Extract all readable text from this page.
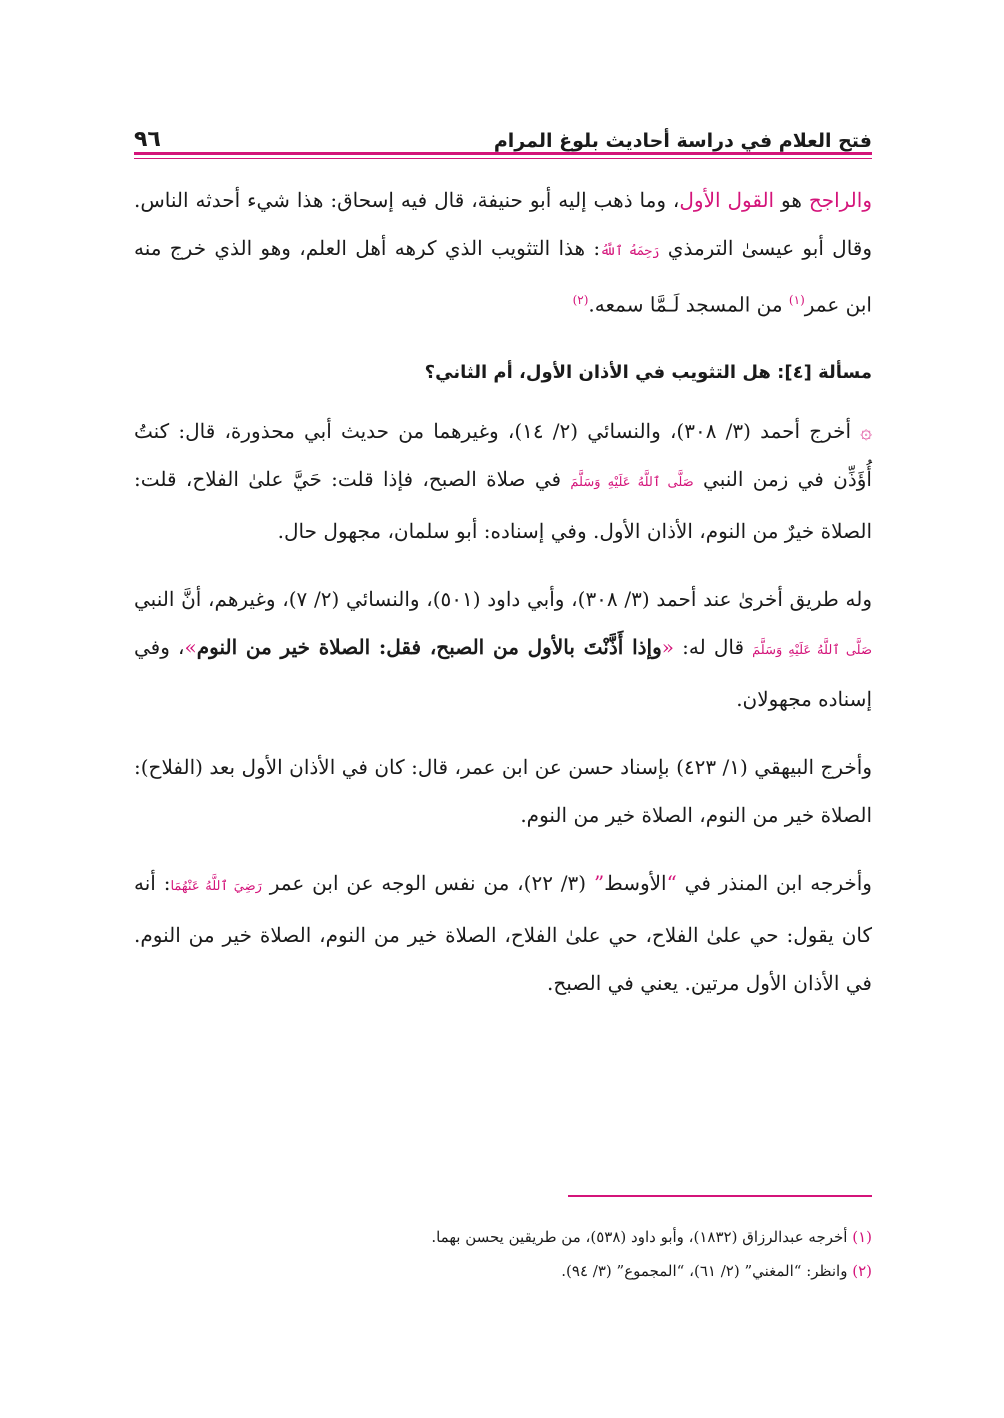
فتح العلام في دراسة أحاديث بلوغ المرام
٩٦

والراجح هو القول الأول، وما ذهب إليه أبو حنيفة، قال فيه إسحاق: هذا شيء أحدثه الناس. وقال أبو عيسىٰ الترمذي رَحِمَهُ ٱللَّهُ: هذا التثويب الذي كرهه أهل العلم، وهو الذي خرج منه ابن عمر$^{(١)}$ من المسجد لَـمَّا سمعه.$^{(٢)}$

مسألة [٤]: هل التثويب في الأذان الأول، أم الثاني؟

۞ أخرج أحمد (٣/ ٣٠٨)، والنسائي (٢/ ١٤)، وغيرهما من حديث أبي محذورة، قال: كنتُ أُؤَذِّن في زمن النبي صَلَّى ٱللَّهُ عَلَيْهِ وَسَلَّمَ في صلاة الصبح، فإذا قلت: حَيَّ علىٰ الفلاح، قلت: الصلاة خيرٌ من النوم، الأذان الأول. وفي إسناده: أبو سلمان، مجهول حال.

وله طريق أخرىٰ عند أحمد (٣/ ٣٠٨)، وأبي داود (٥٠١)، والنسائي (٢/ ٧)، وغيرهم، أنَّ النبي صَلَّى ٱللَّهُ عَلَيْهِ وَسَلَّمَ قال له: «وإذا أَذَّنْتَ بالأول من الصبح، فقل: الصلاة خير من النوم»، وفي إسناده مجهولان.

وأخرج البيهقي (١/ ٤٢٣) بإسناد حسن عن ابن عمر، قال: كان في الأذان الأول بعد (الفلاح): الصلاة خير من النوم، الصلاة خير من النوم.

وأخرجه ابن المنذر في “الأوسط” (٣/ ٢٢)، من نفس الوجه عن ابن عمر رَضِيَ ٱللَّهُ عَنْهُمَا: أنه كان يقول: حي علىٰ الفلاح، حي علىٰ الفلاح، الصلاة خير من النوم، الصلاة خير من النوم. في الأذان الأول مرتين. يعني في الصبح.

(١) أخرجه عبدالرزاق (١٨٣٢)، وأبو داود (٥٣٨)، من طريقين يحسن بهما.
(٢) وانظر: “المغني” (٢/ ٦١)، “المجموع” (٣/ ٩٤).
